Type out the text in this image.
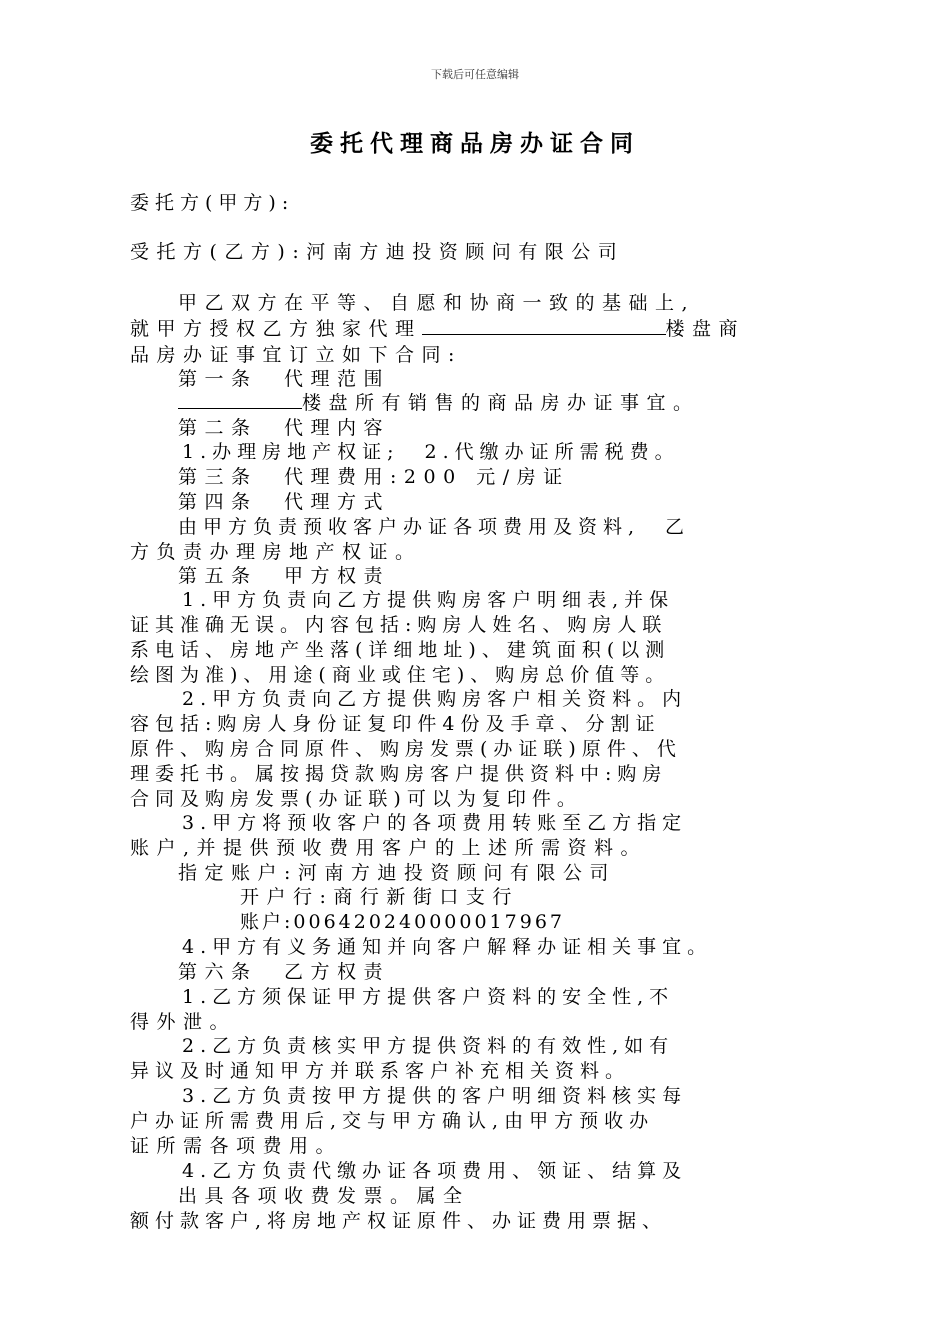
下载后可任意编辑
委托代理商品房办证合同
委托方(甲方):
受托方(乙方):河南方迪投资顾问有限公司
甲乙双方在平等、自愿和协商一致的基础上,
就甲方授权乙方独家代理	楼盘商
品房办证事宜订立如下合同:
第一条　代理范围
楼盘所有销售的商品房办证事宜。
第二条　代理内容
1.办理房地产权证;　2.代缴办证所需税费。
第三条　代理费用:200 元/房证
第四条　代理方式
由甲方负责预收客户办证各项费用及资料,　乙
方负责办理房地产权证。
第五条　甲方权责
1.甲方负责向乙方提供购房客户明细表,并保
证其准确无误。内容包括:购房人姓名、购房人联
系电话、房地产坐落(详细地址)、建筑面积(以测
绘图为准)、用途(商业或住宅)、购房总价值等。
2.甲方负责向乙方提供购房客户相关资料。内
容包括:购房人身份证复印件4份及手章、分割证
原件、购房合同原件、购房发票(办证联)原件、代
理委托书。属按揭贷款购房客户提供资料中:购房
合同及购房发票(办证联)可以为复印件。
3.甲方将预收客户的各项费用转账至乙方指定
账户,并提供预收费用客户的上述所需资料。
指定账户:河南方迪投资顾问有限公司
开户行:商行新街口支行
账户:006420240000017967
4.甲方有义务通知并向客户解释办证相关事宜。
第六条　乙方权责
1.乙方须保证甲方提供客户资料的安全性,不
得外泄。
2.乙方负责核实甲方提供资料的有效性,如有
异议及时通知甲方并联系客户补充相关资料。
3.乙方负责按甲方提供的客户明细资料核实每
户办证所需费用后,交与甲方确认,由甲方预收办
证所需各项费用。
4.乙方负责代缴办证各项费用、领证、结算及
出具各项收费发票。属全
额付款客户,将房地产权证原件、办证费用票据、
